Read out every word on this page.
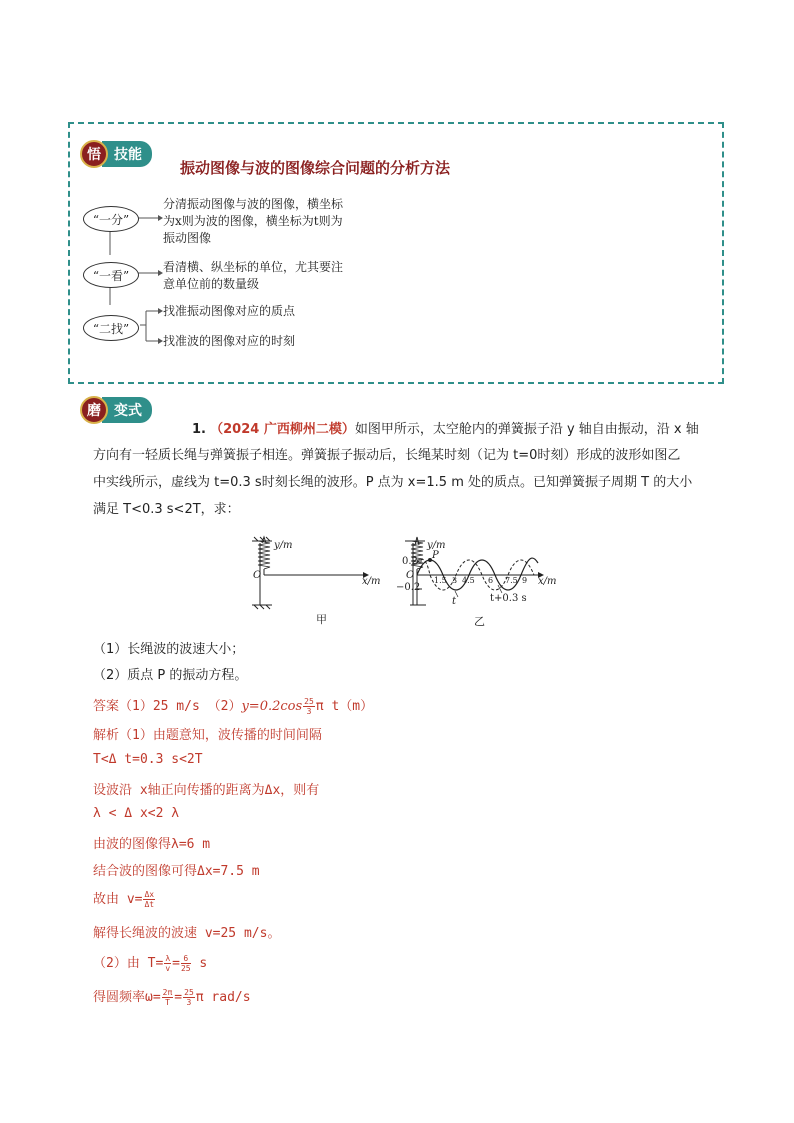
悟 技能
振动图像与波的图像综合问题的分析方法
“一分”
“一看”
“二找”
分清振动图像与波的图像，横坐标
为x则为波的图像，横坐标为t则为
振动图像
看清横、纵坐标的单位，尤其要注
意单位前的数量级
找准振动图像对应的质点
找准波的图像对应的时刻
磨 变式
1. （2024 广西柳州二模）如图甲所示，太空舱内的弹簧振子沿 y 轴自由振动，沿 x 轴
方向有一轻质长绳与弹簧振子相连。弹簧振子振动后，长绳某时刻（记为 t=0时刻）形成的波形如图乙
中实线所示，虚线为 t=0.3 s时刻长绳的波形。P 点为 x=1.5 m 处的质点。已知弹簧振子周期 T 的大小
满足 T<0.3 s<2T，求：
y/m
O
x/m
y/m
0.2
−0.2
O
P
1.5 3 4.5 6 7.5 9 x/m
t	t+0.3 s
甲	乙
（1）长绳波的波速大小；
（2）质点 P 的振动方程。
答案（1）25 m/s $(2)y=0.2\cos \frac{25}{3}$ π t（m）
解析（1）由题意知，波传播的时间间隔
T<Δ t=0.3 s<2T
设波沿 x轴正向传播的距离为Δx，则有
λ < Δ x<2 λ
由波的图像得λ=6 m
结合波的图像可得Δx=7.5 m
故由 $v= \frac{\Delta x}{\Delta t}$
解得长绳波的波速 v=25 m/s。
（2）由 $T= \frac{\lambda}{v} = \frac{6}{25}$ s
得圆频率$\omega= \frac{2\pi}{T} = \frac{25}{3}$ π rad/s
